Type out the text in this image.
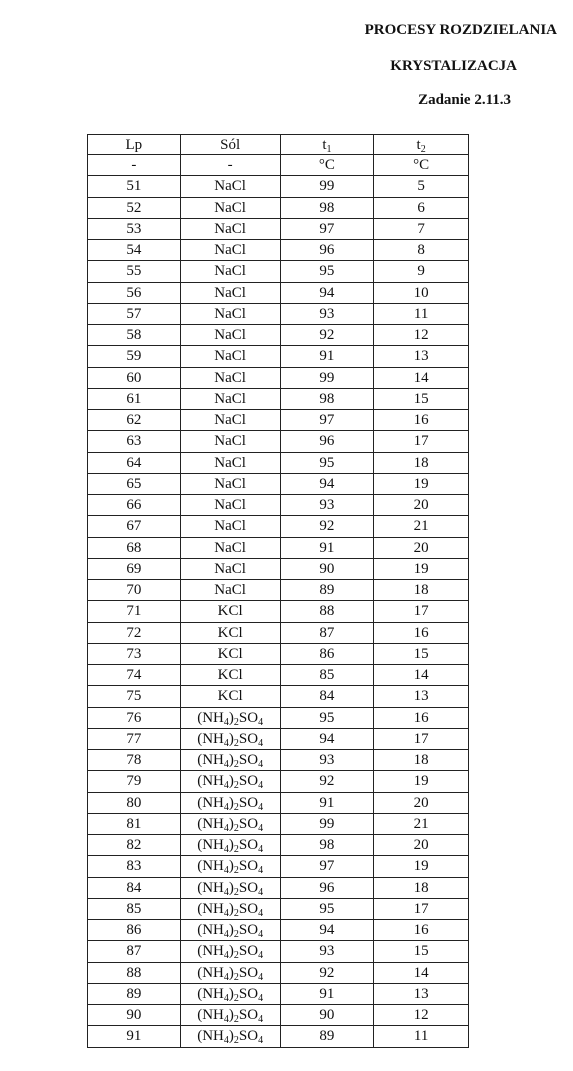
PROCESY ROZDZIELANIA
KRYSTALIZACJA
Zadanie 2.11.3
Lp	Sól	$t_1$	$t_2$
-	-	°C	°C
51	NaCl	99	5
52	NaCl	98	6
53	NaCl	97	7
54	NaCl	96	8
55	NaCl	95	9
56	NaCl	94	10
57	NaCl	93	11
58	NaCl	92	12
59	NaCl	91	13
60	NaCl	99	14
61	NaCl	98	15
62	NaCl	97	16
63	NaCl	96	17
64	NaCl	95	18
65	NaCl	94	19
66	NaCl	93	20
67	NaCl	92	21
68	NaCl	91	20
69	NaCl	90	19
70	NaCl	89	18
71	KCl	88	17
72	KCl	87	16
73	KCl	86	15
74	KCl	85	14
75	KCl	84	13
76	$(NH_4)_2SO_4$	95	16
77	$(NH_4)_2SO_4$	94	17
78	$(NH_4)_2SO_4$	93	18
79	$(NH_4)_2SO_4$	92	19
80	$(NH_4)_2SO_4$	91	20
81	$(NH_4)_2SO_4$	99	21
82	$(NH_4)_2SO_4$	98	20
83	$(NH_4)_2SO_4$	97	19
84	$(NH_4)_2SO_4$	96	18
85	$(NH_4)_2SO_4$	95	17
86	$(NH_4)_2SO_4$	94	16
87	$(NH_4)_2SO_4$	93	15
88	$(NH_4)_2SO_4$	92	14
89	$(NH_4)_2SO_4$	91	13
90	$(NH_4)_2SO_4$	90	12
91	$(NH_4)_2SO_4$	89	11
